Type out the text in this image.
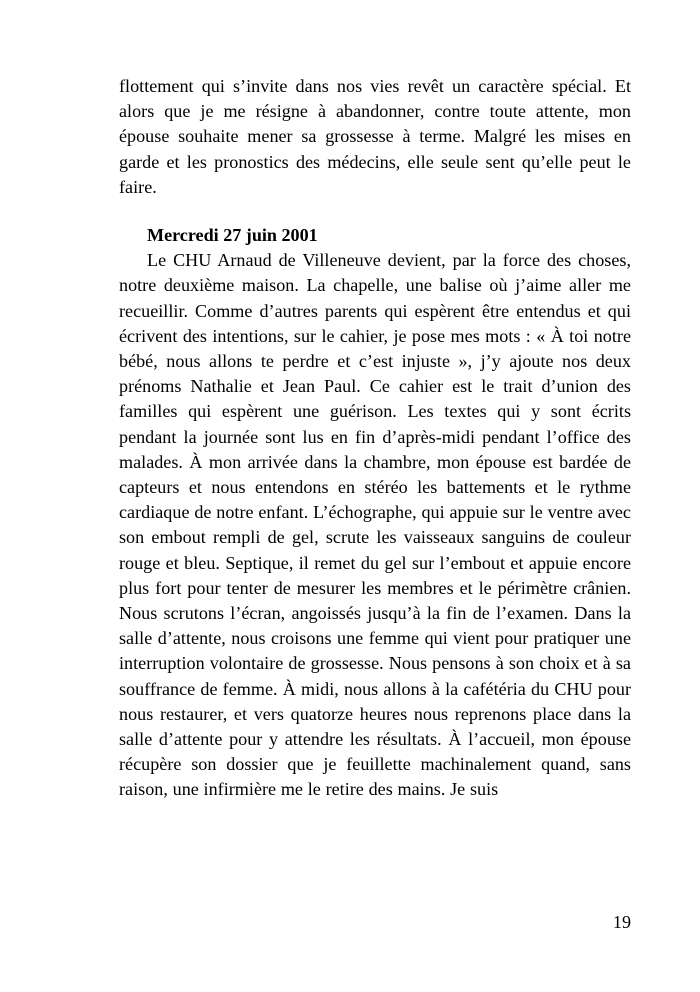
flottement qui s’invite dans nos vies revêt un caractère spécial. Et alors que je me résigne à abandonner, contre toute attente, mon épouse souhaite mener sa grossesse à terme. Malgré les mises en garde et les pronostics des médecins, elle seule sent qu’elle peut le faire.

Mercredi 27 juin 2001

Le CHU Arnaud de Villeneuve devient, par la force des choses, notre deuxième maison. La chapelle, une balise où j’aime aller me recueillir. Comme d’autres parents qui espèrent être entendus et qui écrivent des intentions, sur le cahier, je pose mes mots : « À toi notre bébé, nous allons te perdre et c’est injuste », j’y ajoute nos deux prénoms Nathalie et Jean Paul. Ce cahier est le trait d’union des familles qui espèrent une guérison. Les textes qui y sont écrits pendant la journée sont lus en fin d’après-midi pendant l’office des malades. À mon arrivée dans la chambre, mon épouse est bardée de capteurs et nous entendons en stéréo les battements et le rythme cardiaque de notre enfant. L’échographe, qui appuie sur le ventre avec son embout rempli de gel, scrute les vaisseaux sanguins de couleur rouge et bleu. Septique, il remet du gel sur l’embout et appuie encore plus fort pour tenter de mesurer les membres et le périmètre crânien. Nous scrutons l’écran, angoissés jusqu’à la fin de l’examen. Dans la salle d’attente, nous croisons une femme qui vient pour pratiquer une interruption volontaire de grossesse. Nous pensons à son choix et à sa souffrance de femme. À midi, nous allons à la cafétéria du CHU pour nous restaurer, et vers quatorze heures nous reprenons place dans la salle d’attente pour y attendre les résultats. À l’accueil, mon épouse récupère son dossier que je feuillette machinalement quand, sans raison, une infirmière me le retire des mains. Je suis

19
